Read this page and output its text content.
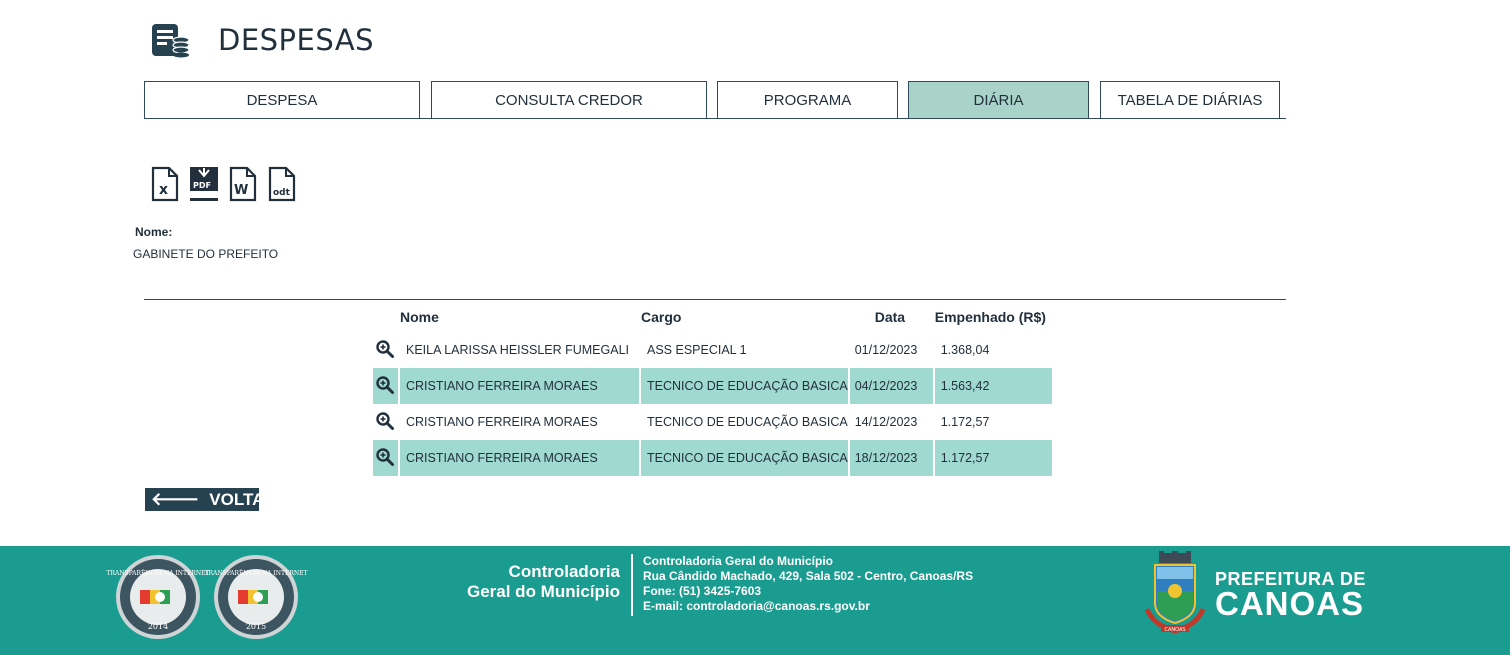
DESPESAS
DESPESA	CONSULTA CREDOR	PROGRAMA	DIÁRIA	TABELA DE DIÁRIAS
x	PDF W	odt
Nome:
GABINETE DO PREFEITO
	Nome	Cargo	Data	Empenhado (R$)
	KEILA LARISSA HEISSLER FUMEGALI	ASS ESPECIAL 1	01/12/2023	1.368,04
	CRISTIANO FERREIRA MORAES	TECNICO DE EDUCAÇÃO BASICA	04/12/2023	1.563,42
	CRISTIANO FERREIRA MORAES	TECNICO DE EDUCAÇÃO BASICA	14/12/2023	1.172,57
	CRISTIANO FERREIRA MORAES	TECNICO DE EDUCAÇÃO BASICA	18/12/2023	1.172,57
🡐 VOLTAR
TRANSPARÊNCIA NA INTERNET
2014
TRANSPARÊNCIA NA INTERNET
2015
Controladoria
Geral do Município
Controladoria Geral do Município
Rua Cândido Machado, 429, Sala 502 - Centro, Canoas/RS
Fone: (51) 3425-7603
E-mail: controladoria@canoas.rs.gov.br
CANOAS
PREFEITURA DE
CANOAS
